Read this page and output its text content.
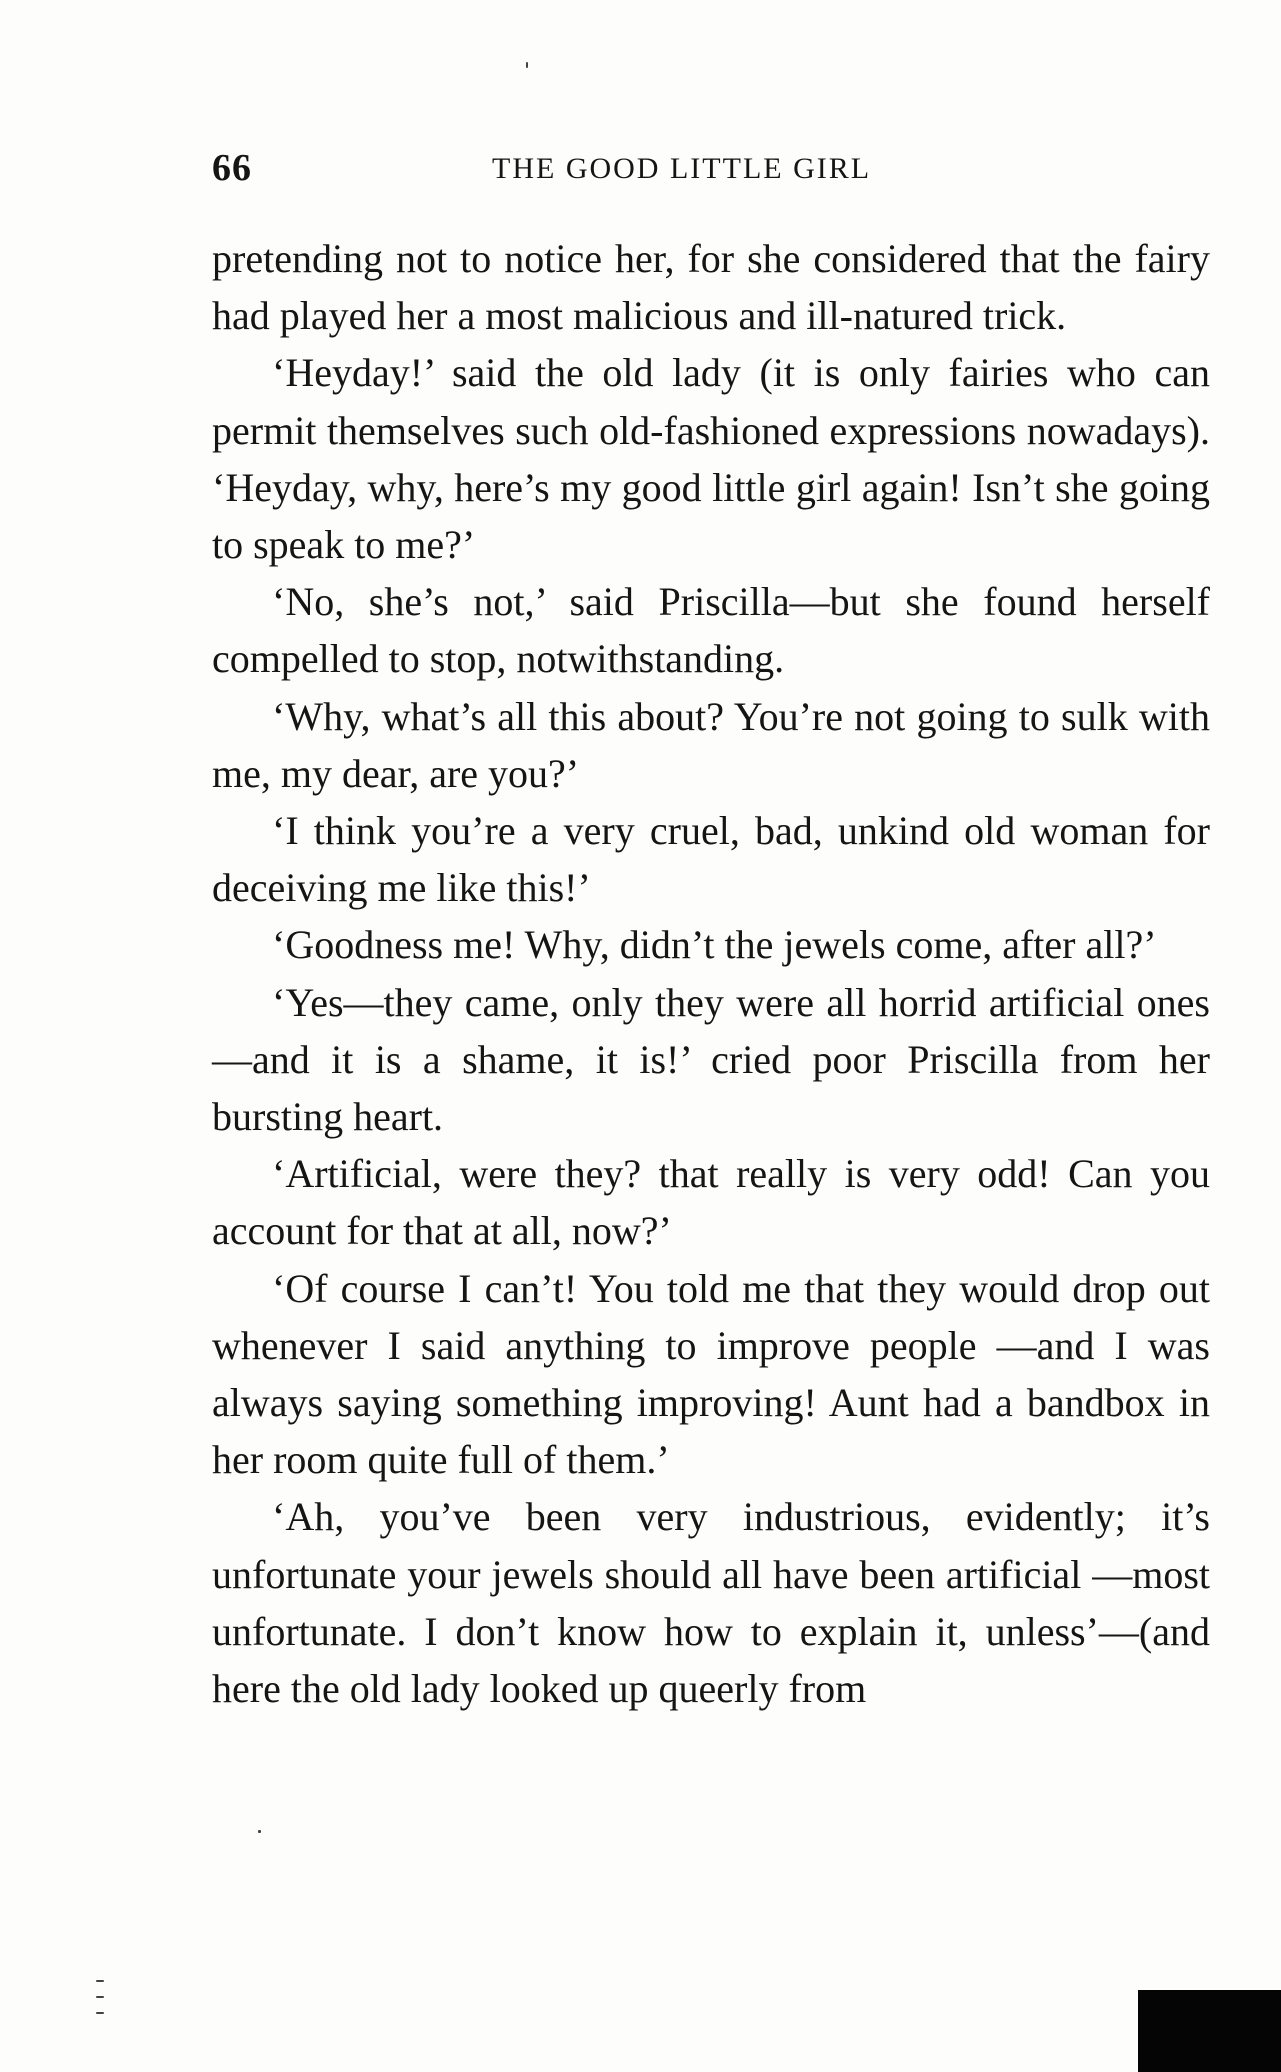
66	THE GOOD LITTLE GIRL

pretending not to notice her, for she considered that the fairy had played her a most malicious and ill-natured trick.

‘Heyday!’ said the old lady (it is only fairies who can permit themselves such old-fashioned expressions nowadays). ‘Heyday, why, here’s my good little girl again! Isn’t she going to speak to me?’

‘No, she’s not,’ said Priscilla—but she found herself compelled to stop, notwithstanding.

‘Why, what’s all this about? You’re not going to sulk with me, my dear, are you?’

‘I think you’re a very cruel, bad, unkind old woman for deceiving me like this!’

‘Goodness me! Why, didn’t the jewels come, after all?’

‘Yes—they came, only they were all horrid artificial ones—and it is a shame, it is!’ cried poor Priscilla from her bursting heart.

‘Artificial, were they? that really is very odd! Can you account for that at all, now?’

‘Of course I can’t! You told me that they would drop out whenever I said anything to improve people —and I was always saying something improving! Aunt had a bandbox in her room quite full of them.’

‘Ah, you’ve been very industrious, evidently; it’s unfortunate your jewels should all have been artificial —most unfortunate. I don’t know how to explain it, unless’—(and here the old lady looked up queerly from
